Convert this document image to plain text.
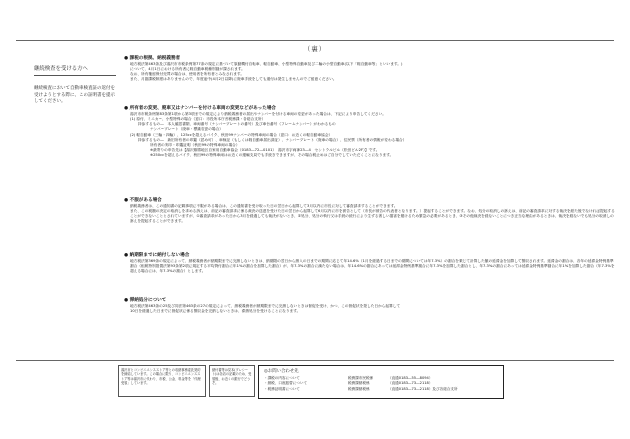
（裏）

継続検査を受ける方へ

継続検査において自動車検査証の返付を受けようとする際に、この証明書を提示してください。

● 課税の根拠、納税義務者

地方税法第463条及び湯沢市市税条例第77条の規定に基づいて原動機付自転車、軽自動車、小型特殊自動車及び二輪の小型自動車(以下「軽自動車等」といいます。)

について、4月1日における所有者に軽自動車税種別割が課されます。

なお、所有権留保付売買の場合は、使用者を所有者とみなされます。

また、月割課税制度はありませんので、年度途中(4月2日以降)に廃車手続をしても還付は発生しませんのでご留意ください。

● 所有者の変更、廃車又はナンバーを付ける車両の変更などがあった場合

湯沢市市税条例第83条第1項から第3項までの規定により納税義務者の届出やナンバーを付ける車両の変更があった場合は、下記により申告してください。

(1) 原付、ミニカー、小型特殊の場合（窓口：市役所本庁舎税務課・各総合支所）

持参するもの―　本人確認書類、車両番号（ナンバープレートの番号）及び車台番号（フレームナンバー）がわかるもの

ナンバープレート（廃車・標識変更の場合）

(2) 軽自動車（三輪・四輪）、125ccを超えるバイク、秋田99ナンバーの特殊車両の場合（窓口：お近くの軽自動車協会）

持参するもの―　新旧所有者の印鑑（認め可）、車検証（もしくは軽自動車届出済証）、ナンバープレート（廃車の場合）、住民票（所有者の情報が変わる場合）

所有者の実印・印鑑証明（秋田99の特殊車両の場合）

※最寄りの申告先は【湯沢雄勝地区自家用自動車協会（0183―72―0101）　湯沢市字両神23―4　セントラルビル（松田ビル2F）】です。

※250ccを超えるバイク、秋田99の特殊車両はお近くの運輸支局でも手続きできますが、その場合税止めはご自分でしていただくことになります。

● 不服がある場合

納税義務者は、この通知書の記載事項に不服がある場合は、この通知書を受け取った日の翌日から起算して3月以内に市長に対して審査請求することができます。

また、この税額の決定の取消しを求める訴えは、前記の審査請求に係る裁決の送達を受けた日の翌日から起算して6月以内に市を被告として（市長が被告の代表者となります。）提起することができます。なお、処分の取消しの訴えは、前記の審査請求に対する裁決を経た後でなければ提起することができないこととされていますが、①審査請求があった日から3月を経過しても裁決がないとき、②処分、処分の執行又は手続の続行により生ずる著しい損害を避けるため緊急の必要があるとき、③その他裁決を経ないことにつき正当な理由があるときは、裁決を経ないでも処分の取消しの訴えを提起することができます。

● 納期限までに納付しない場合

地方税法第369条の規定によって、納税義務者が納期限までに完納しないときは、納期限の翌日から納入の日までの期間に応じて年14.6%（1月を経過する日までの期間については年7.3%）の割合を乗じて計算した額の延滞金を加算して徴収されます。延滞金の割合は、各年の延滞金特例基準割合（租税特別措置法第93条第2項に規定する平均貸付割合に年1%の割合を加算した割合）が、年7.3%の割合に満たない場合は、年14.6%の割合にあっては延滞金特例基準割合に年7.3%を加算した割合とし、年7.3%の割合にあっては延滞金特例基準割合に年1%を加算した割合（年7.3%を超える場合には、年7.3%の割合）とします。

● 滞納処分について

地方税法第463条の25及び同法第463条の27の規定によって、納税義務者が納期限までに完納しないときは督促を受け、かつ、この督促状を発した日から起算して

10日を経過した日までに督促状に係る徴収金を完納しないときは、滞納処分を受けることになります。

湯沢市とコンビニエンスストア等との収納事務委託契約を締結しています。この場合に限り、コンビニエンスストア等は湯沢市に代わり、市税、公金、料金等を「代理受領」しています。
納付書等は見本(プレシート)は各店の記載のため、受領後、お近くの銀行でどうぞ。

◎お問い合わせ先

・課税の内容について	税務課市民税係	（直通0183―55―8094）
・納税、口座振替について	税務課納税係	（直通0183―73―2118）
・税務証明書について	税務課納税係	（直通0183―73―2118）及び各総合支所
